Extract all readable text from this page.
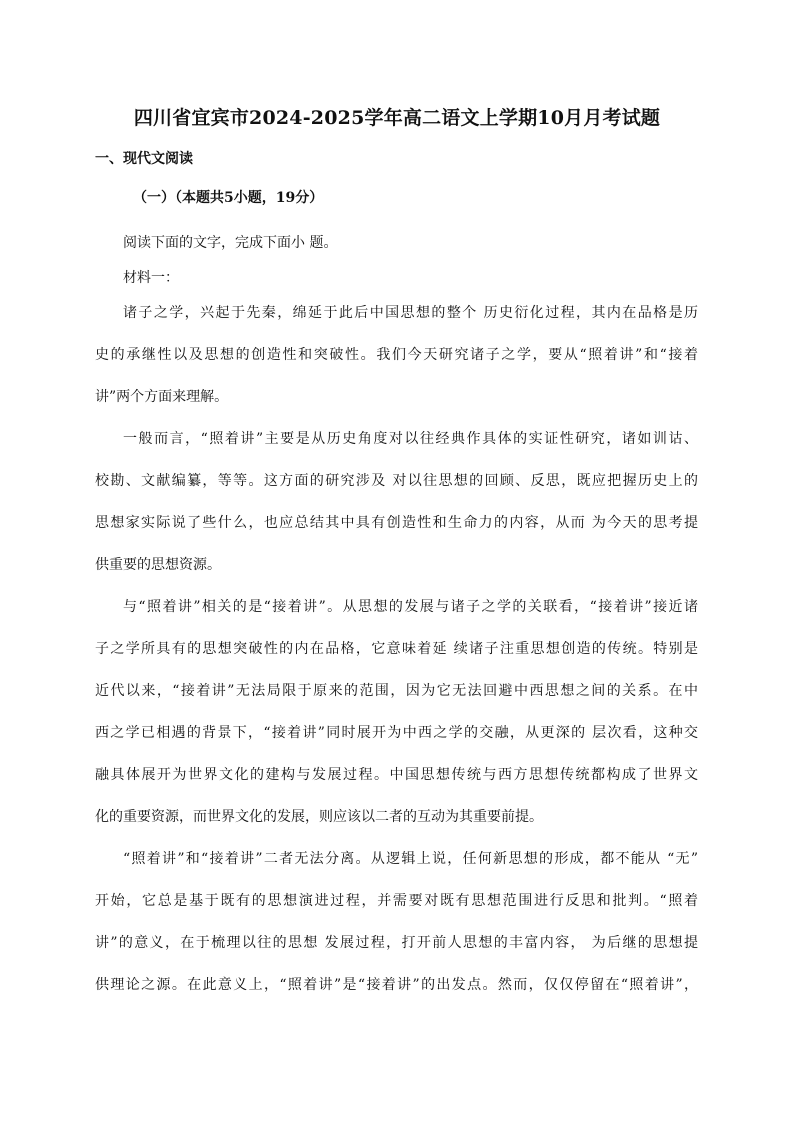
四川省宜宾市2024-2025学年高二语文上学期10月月考试题
一、现代文阅读
（一）（本题共5小题，19分）
阅读下面的文字，完成下面小 题。
材料一：
诸子之学，兴起于先秦，绵延于此后中国思想的整个 历史衍化过程，其内在品格是历
史的承继性以及思想的创造性和突破性。我们今天研究诸子之学，要从“照着讲”和“接着
讲”两个方面来理解。
一般而言，“照着讲”主要是从历史角度对以往经典作具体的实证性研究，诸如训诂、
校勘、文献编纂，等等。这方面的研究涉及 对以往思想的回顾、反思，既应把握历史上的
思想家实际说了些什么，也应总结其中具有创造性和生命力的内容，从而 为今天的思考提
供重要的思想资源。
与“照着讲”相关的是“接着讲”。从思想的发展与诸子之学的关联看，“接着讲”接近诸
子之学所具有的思想突破性的内在品格，它意味着延 续诸子注重思想创造的传统。特别是
近代以来，“接着讲”无法局限于原来的范围，因为它无法回避中西思想之间的关系。在中
西之学已相遇的背景下，“接着讲”同时展开为中西之学的交融，从更深的 层次看，这种交
融具体展开为世界文化的建构与发展过程。中国思想传统与西方思想传统都构成了世界文
化的重要资源，而世界文化的发展，则应该以二者的互动为其重要前提。
“照着讲”和“接着讲”二者无法分离。从逻辑上说，任何新思想的形成，都不能从 “无”
开始，它总是基于既有的思想演进过程，并需要对既有思想范围进行反思和批判。“照着
讲”的意义，在于梳理以往的思想 发展过程，打开前人思想的丰富内容， 为后继的思想提
供理论之源。在此意义上，“照着讲”是“接着讲”的出发点。然而，仅仅停留在“照着讲”，
